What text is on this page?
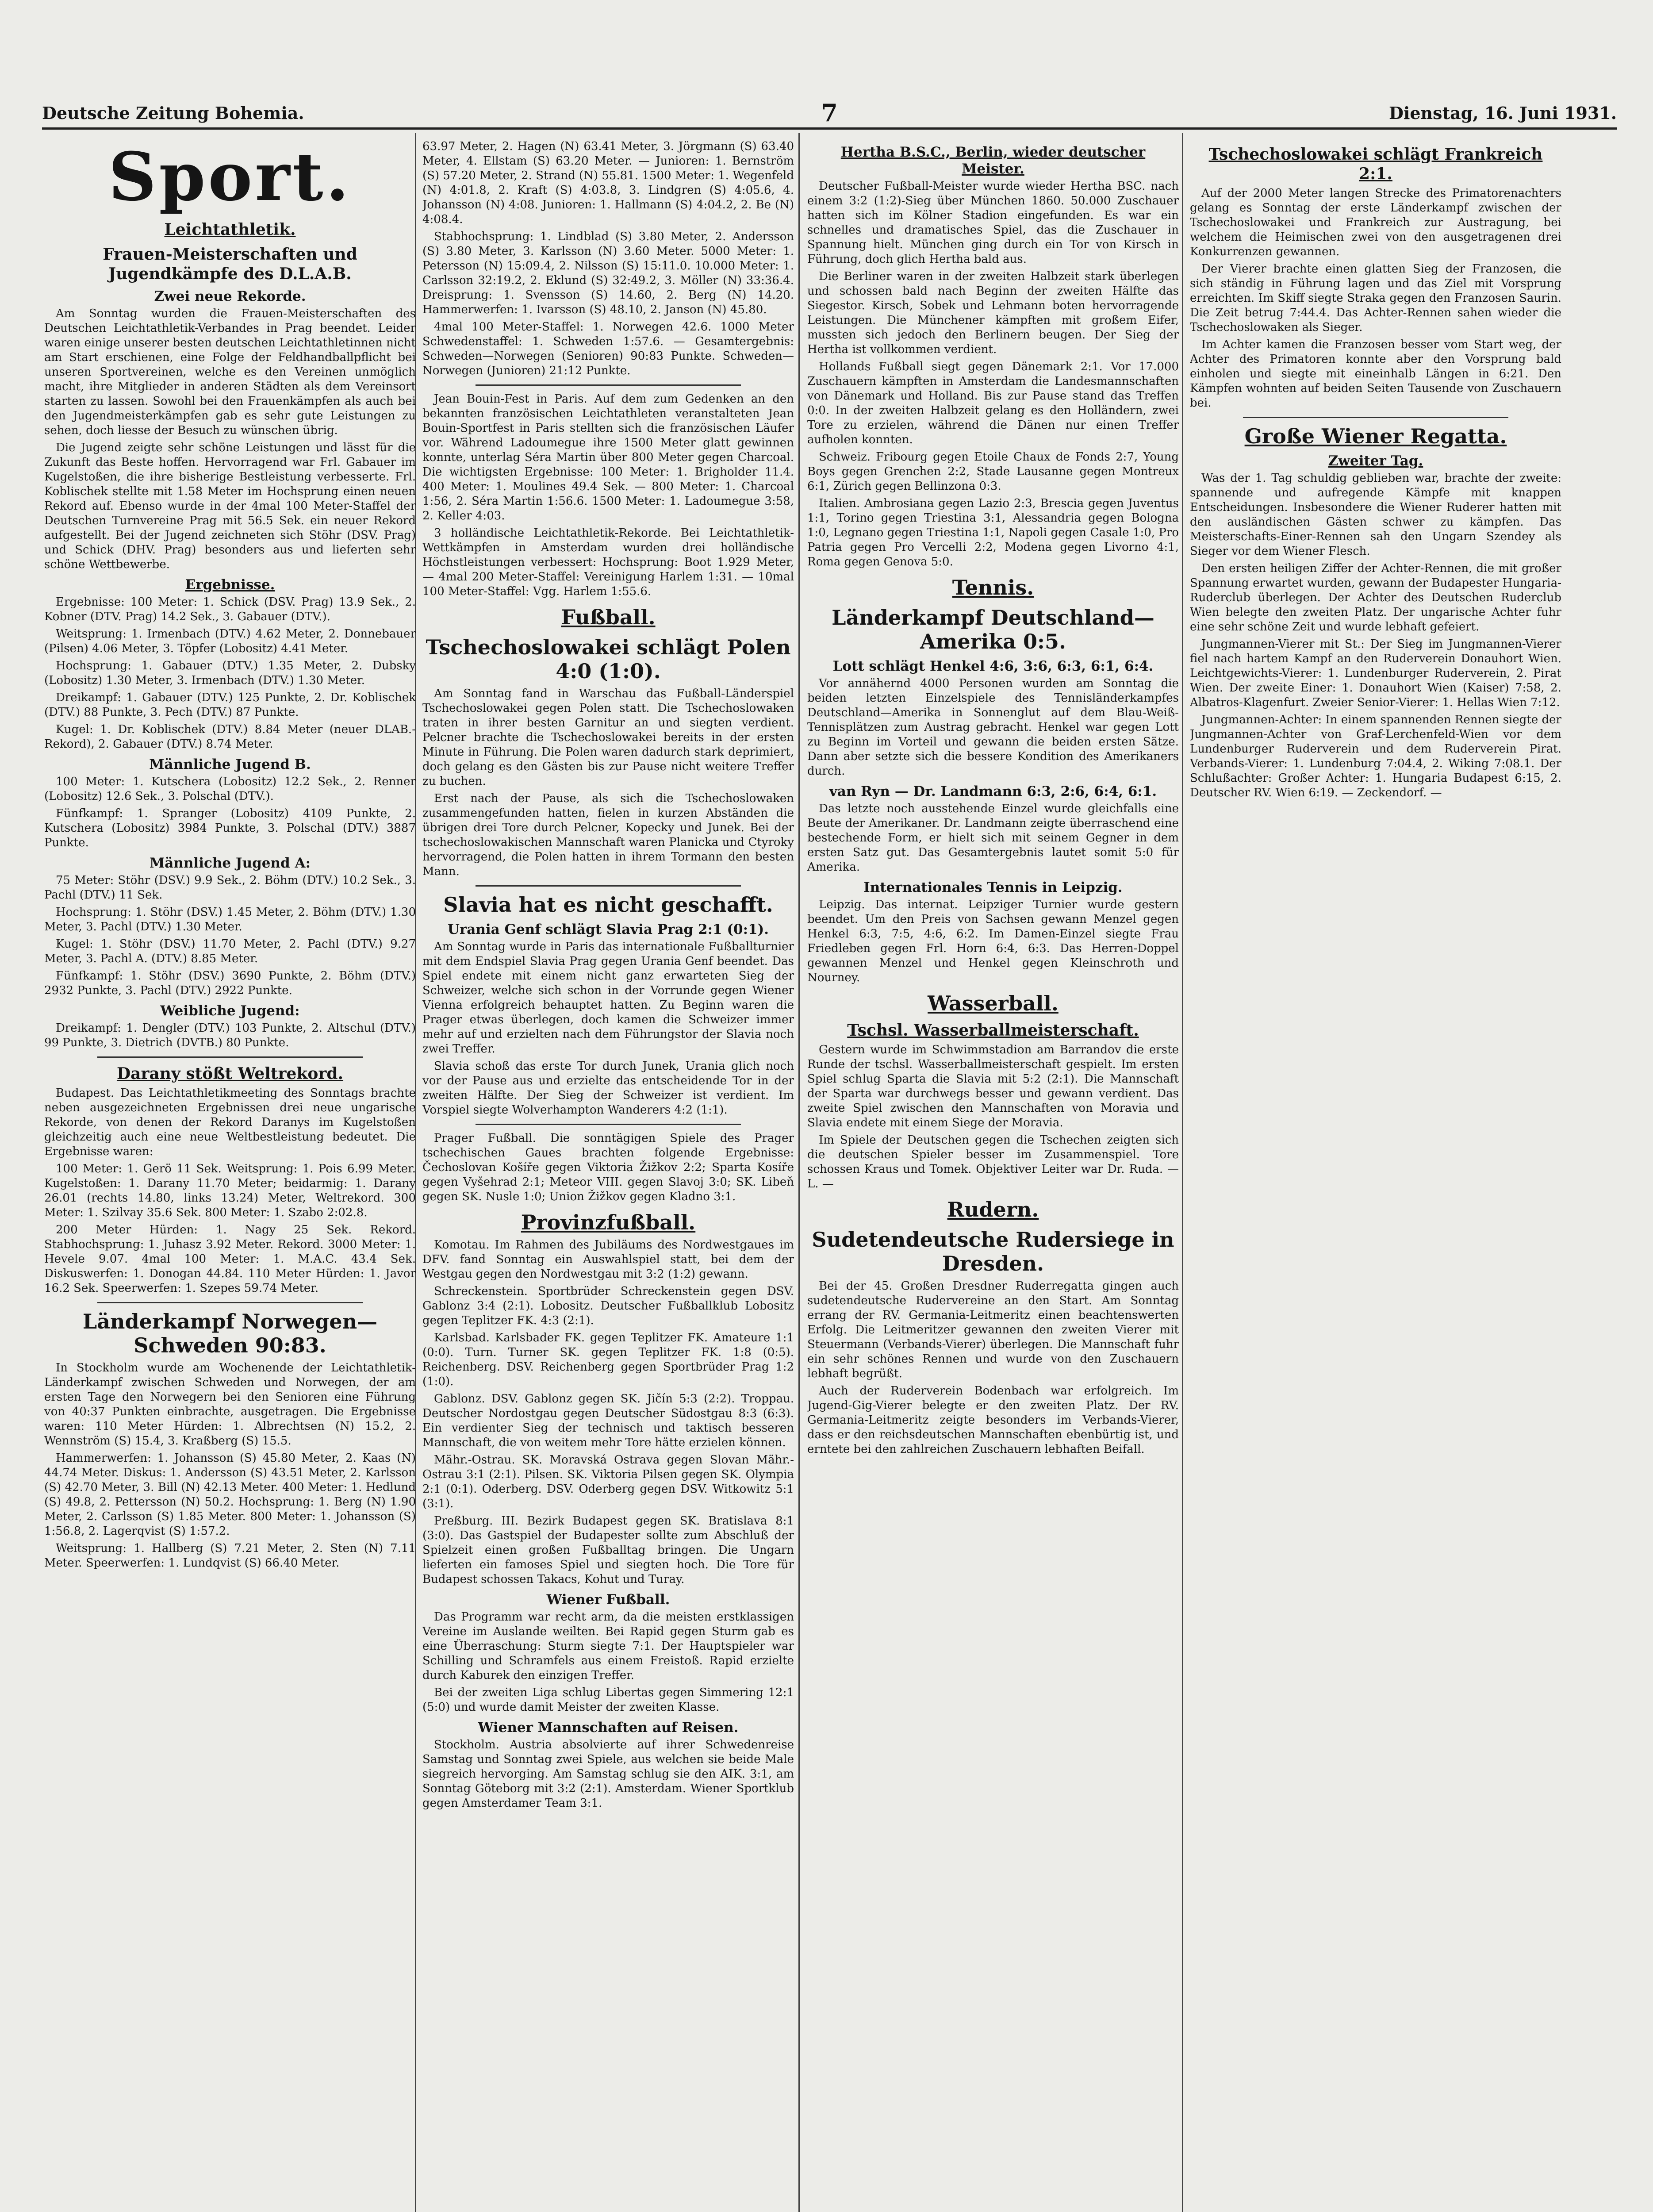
Deutsche Zeitung Bohemia.	7	Dienstag, 16. Juni 1931.
Sport.
Leichtathletik.
Frauen-Meisterschaften und Jugendkämpfe des D.L.A.B.
Zwei neue Rekorde.

Am Sonntag wurden die Frauen-Meisterschaften des Deutschen Leichtathletik-Verbandes in Prag beendet. Leider waren einige unserer besten deutschen Leichtathletinnen nicht am Start erschienen, eine Folge der Feldhandballpflicht bei unseren Sportvereinen, welche es den Vereinen unmöglich macht, ihre Mitglieder in anderen Städten als dem Vereinsort starten zu lassen. Sowohl bei den Frauenkämpfen als auch bei den Jugendmeisterkämpfen gab es sehr gute Leistungen zu sehen, doch liesse der Besuch zu wünschen übrig.

Die Jugend zeigte sehr schöne Leistungen und lässt für die Zukunft das Beste hoffen. Hervorragend war Frl. Gabauer im Kugelstoßen, die ihre bisherige Bestleistung verbesserte. Frl. Koblischek stellte mit 1.58 Meter im Hochsprung einen neuen Rekord auf. Ebenso wurde in der 4mal 100 Meter-Staffel der Deutschen Turnvereine Prag mit 56.5 Sek. ein neuer Rekord aufgestellt. Bei der Jugend zeichneten sich Stöhr (DSV. Prag) und Schick (DHV. Prag) besonders aus und lieferten sehr schöne Wettbewerbe.

Ergebnisse.

Ergebnisse: 100 Meter: 1. Schick (DSV. Prag) 13.9 Sek., 2. Kobner (DTV. Prag) 14.2 Sek., 3. Gabauer (DTV.).

Weitsprung: 1. Irmenbach (DTV.) 4.62 Meter, 2. Donnebauer (Pilsen) 4.06 Meter, 3. Töpfer (Lobositz) 4.41 Meter.

Hochsprung: 1. Gabauer (DTV.) 1.35 Meter, 2. Dubsky (Lobositz) 1.30 Meter, 3. Irmenbach (DTV.) 1.30 Meter.

Dreikampf: 1. Gabauer (DTV.) 125 Punkte, 2. Dr. Koblischek (DTV.) 88 Punkte, 3. Pech (DTV.) 87 Punkte.

Kugel: 1. Dr. Koblischek (DTV.) 8.84 Meter (neuer DLAB.-Rekord), 2. Gabauer (DTV.) 8.74 Meter.

Männliche Jugend B.

100 Meter: 1. Kutschera (Lobositz) 12.2 Sek., 2. Renner (Lobositz) 12.6 Sek., 3. Polschal (DTV.).

Fünfkampf: 1. Spranger (Lobositz) 4109 Punkte, 2. Kutschera (Lobositz) 3984 Punkte, 3. Polschal (DTV.) 3887 Punkte.

Männliche Jugend A:

75 Meter: Stöhr (DSV.) 9.9 Sek., 2. Böhm (DTV.) 10.2 Sek., 3. Pachl (DTV.) 11 Sek.

Hochsprung: 1. Stöhr (DSV.) 1.45 Meter, 2. Böhm (DTV.) 1.30 Meter, 3. Pachl (DTV.) 1.30 Meter.

Kugel: 1. Stöhr (DSV.) 11.70 Meter, 2. Pachl (DTV.) 9.27 Meter, 3. Pachl A. (DTV.) 8.85 Meter.

Fünfkampf: 1. Stöhr (DSV.) 3690 Punkte, 2. Böhm (DTV.) 2932 Punkte, 3. Pachl (DTV.) 2922 Punkte.

Weibliche Jugend:

Dreikampf: 1. Dengler (DTV.) 103 Punkte, 2. Altschul (DTV.) 99 Punkte, 3. Dietrich (DVTB.) 80 Punkte.

Darany stößt Weltrekord.

Budapest. Das Leichtathletikmeeting des Sonntags brachte neben ausgezeichneten Ergebnissen drei neue ungarische Rekorde, von denen der Rekord Daranys im Kugelstoßen gleichzeitig auch eine neue Weltbestleistung bedeutet. Die Ergebnisse waren:

100 Meter: 1. Gerö 11 Sek. Weitsprung: 1. Pois 6.99 Meter. Kugelstoßen: 1. Darany 11.70 Meter; beidarmig: 1. Darany 26.01 (rechts 14.80, links 13.24) Meter, Weltrekord. 300 Meter: 1. Szilvay 35.6 Sek. 800 Meter: 1. Szabo 2:02.8.

200 Meter Hürden: 1. Nagy 25 Sek. Rekord. Stabhochsprung: 1. Juhasz 3.92 Meter. Rekord. 3000 Meter: 1. Hevele 9.07. 4mal 100 Meter: 1. M.A.C. 43.4 Sek. Diskuswerfen: 1. Donogan 44.84. 110 Meter Hürden: 1. Javor 16.2 Sek. Speerwerfen: 1. Szepes 59.74 Meter.

Länderkampf Norwegen—Schweden 90:83.

In Stockholm wurde am Wochenende der Leichtathletik-Länderkampf zwischen Schweden und Norwegen, der am ersten Tage den Norwegern bei den Senioren eine Führung von 40:37 Punkten einbrachte, ausgetragen. Die Ergebnisse waren: 110 Meter Hürden: 1. Albrechtsen (N) 15.2, 2. Wennström (S) 15.4, 3. Kraßberg (S) 15.5.

Hammerwerfen: 1. Johansson (S) 45.80 Meter, 2. Kaas (N) 44.74 Meter. Diskus: 1. Andersson (S) 43.51 Meter, 2. Karlsson (S) 42.70 Meter, 3. Bill (N) 42.13 Meter. 400 Meter: 1. Hedlund (S) 49.8, 2. Pettersson (N) 50.2. Hochsprung: 1. Berg (N) 1.90 Meter, 2. Carlsson (S) 1.85 Meter. 800 Meter: 1. Johansson (S) 1:56.8, 2. Lagerqvist (S) 1:57.2.

Weitsprung: 1. Hallberg (S) 7.21 Meter, 2. Sten (N) 7.11 Meter. Speerwerfen: 1. Lundqvist (S) 66.40 Meter.

63.97 Meter, 2. Hagen (N) 63.41 Meter, 3. Jörgmann (S) 63.40 Meter, 4. Ellstam (S) 63.20 Meter. — Junioren: 1. Bernström (S) 57.20 Meter, 2. Strand (N) 55.81. 1500 Meter: 1. Wegenfeld (N) 4:01.8, 2. Kraft (S) 4:03.8, 3. Lindgren (S) 4:05.6, 4. Johansson (N) 4:08. Junioren: 1. Hallmann (S) 4:04.2, 2. Be (N) 4:08.4.

Stabhochsprung: 1. Lindblad (S) 3.80 Meter, 2. Andersson (S) 3.80 Meter, 3. Karlsson (N) 3.60 Meter. 5000 Meter: 1. Petersson (N) 15:09.4, 2. Nilsson (S) 15:11.0. 10.000 Meter: 1. Carlsson 32:19.2, 2. Eklund (S) 32:49.2, 3. Möller (N) 33:36.4. Dreisprung: 1. Svensson (S) 14.60, 2. Berg (N) 14.20. Hammerwerfen: 1. Ivarsson (S) 48.10, 2. Janson (N) 45.80.

4mal 100 Meter-Staffel: 1. Norwegen 42.6. 1000 Meter Schwedenstaffel: 1. Schweden 1:57.6. — Gesamtergebnis: Schweden—Norwegen (Senioren) 90:83 Punkte. Schweden—Norwegen (Junioren) 21:12 Punkte.

Jean Bouin-Fest in Paris. Auf dem zum Gedenken an den bekannten französischen Leichtathleten veranstalteten Jean Bouin-Sportfest in Paris stellten sich die französischen Läufer vor. Während Ladoumegue ihre 1500 Meter glatt gewinnen konnte, unterlag Séra Martin über 800 Meter gegen Charcoal. Die wichtigsten Ergebnisse: 100 Meter: 1. Brigholder 11.4. 400 Meter: 1. Moulines 49.4 Sek. — 800 Meter: 1. Charcoal 1:56, 2. Séra Martin 1:56.6. 1500 Meter: 1. Ladoumegue 3:58, 2. Keller 4:03.

3 holländische Leichtathletik-Rekorde. Bei Leichtathletik-Wettkämpfen in Amsterdam wurden drei holländische Höchstleistungen verbessert: Hochsprung: Boot 1.929 Meter, — 4mal 200 Meter-Staffel: Vereinigung Harlem 1:31. — 10mal 100 Meter-Staffel: Vgg. Harlem 1:55.6.

Fußball.
Tschechoslowakei schlägt Polen 4:0 (1:0).

Am Sonntag fand in Warschau das Fußball-Länderspiel Tschechoslowakei gegen Polen statt. Die Tschechoslowaken traten in ihrer besten Garnitur an und siegten verdient. Pelcner brachte die Tschechoslowakei bereits in der ersten Minute in Führung. Die Polen waren dadurch stark deprimiert, doch gelang es den Gästen bis zur Pause nicht weitere Treffer zu buchen.

Erst nach der Pause, als sich die Tschechoslowaken zusammengefunden hatten, fielen in kurzen Abständen die übrigen drei Tore durch Pelcner, Kopecky und Junek. Bei der tschechoslowakischen Mannschaft waren Planicka und Ctyroky hervorragend, die Polen hatten in ihrem Tormann den besten Mann.

Slavia hat es nicht geschafft.
Urania Genf schlägt Slavia Prag 2:1 (0:1).

Am Sonntag wurde in Paris das internationale Fußballturnier mit dem Endspiel Slavia Prag gegen Urania Genf beendet. Das Spiel endete mit einem nicht ganz erwarteten Sieg der Schweizer, welche sich schon in der Vorrunde gegen Wiener Vienna erfolgreich behauptet hatten. Zu Beginn waren die Prager etwas überlegen, doch kamen die Schweizer immer mehr auf und erzielten nach dem Führungstor der Slavia noch zwei Treffer.

Slavia schoß das erste Tor durch Junek, Urania glich noch vor der Pause aus und erzielte das entscheidende Tor in der zweiten Hälfte. Der Sieg der Schweizer ist verdient. Im Vorspiel siegte Wolverhampton Wanderers 4:2 (1:1).

Prager Fußball. Die sonntägigen Spiele des Prager tschechischen Gaues brachten folgende Ergebnisse: Čechoslovan Košíře gegen Viktoria Žižkov 2:2; Sparta Kosíře gegen Vyšehrad 2:1; Meteor VIII. gegen Slavoj 3:0; SK. Libeň gegen SK. Nusle 1:0; Union Žižkov gegen Kladno 3:1.

Provinzfußball.

Komotau. Im Rahmen des Jubiläums des Nordwestgaues im DFV. fand Sonntag ein Auswahlspiel statt, bei dem der Westgau gegen den Nordwestgau mit 3:2 (1:2) gewann.

Schreckenstein. Sportbrüder Schreckenstein gegen DSV. Gablonz 3:4 (2:1). Lobositz. Deutscher Fußballklub Lobositz gegen Teplitzer FK. 4:3 (2:1).

Karlsbad. Karlsbader FK. gegen Teplitzer FK. Amateure 1:1 (0:0). Turn. Turner SK. gegen Teplitzer FK. 1:8 (0:5). Reichenberg. DSV. Reichenberg gegen Sportbrüder Prag 1:2 (1:0).

Gablonz. DSV. Gablonz gegen SK. Jičín 5:3 (2:2). Troppau. Deutscher Nordostgau gegen Deutscher Südostgau 8:3 (6:3). Ein verdienter Sieg der technisch und taktisch besseren Mannschaft, die von weitem mehr Tore hätte erzielen können.

Mähr.-Ostrau. SK. Moravská Ostrava gegen Slovan Mähr.-Ostrau 3:1 (2:1). Pilsen. SK. Viktoria Pilsen gegen SK. Olympia 2:1 (0:1). Oderberg. DSV. Oderberg gegen DSV. Witkowitz 5:1 (3:1).

Preßburg. III. Bezirk Budapest gegen SK. Bratislava 8:1 (3:0). Das Gastspiel der Budapester sollte zum Abschluß der Spielzeit einen großen Fußballtag bringen. Die Ungarn lieferten ein famoses Spiel und siegten hoch. Die Tore für Budapest schossen Takacs, Kohut und Turay.

Wiener Fußball.

Das Programm war recht arm, da die meisten erstklassigen Vereine im Auslande weilten. Bei Rapid gegen Sturm gab es eine Überraschung: Sturm siegte 7:1. Der Hauptspieler war Schilling und Schramfels aus einem Freistoß. Rapid erzielte durch Kaburek den einzigen Treffer.

Bei der zweiten Liga schlug Libertas gegen Simmering 12:1 (5:0) und wurde damit Meister der zweiten Klasse.

Wiener Mannschaften auf Reisen.

Stockholm. Austria absolvierte auf ihrer Schwedenreise Samstag und Sonntag zwei Spiele, aus welchen sie beide Male siegreich hervorging. Am Samstag schlug sie den AIK. 3:1, am Sonntag Göteborg mit 3:2 (2:1). Amsterdam. Wiener Sportklub gegen Amsterdamer Team 3:1.

Hertha B.S.C., Berlin, wieder deutscher Meister.

Deutscher Fußball-Meister wurde wieder Hertha BSC. nach einem 3:2 (1:2)-Sieg über München 1860. 50.000 Zuschauer hatten sich im Kölner Stadion eingefunden. Es war ein schnelles und dramatisches Spiel, das die Zuschauer in Spannung hielt. München ging durch ein Tor von Kirsch in Führung, doch glich Hertha bald aus.

Die Berliner waren in der zweiten Halbzeit stark überlegen und schossen bald nach Beginn der zweiten Hälfte das Siegestor. Kirsch, Sobek und Lehmann boten hervorragende Leistungen. Die Münchener kämpften mit großem Eifer, mussten sich jedoch den Berlinern beugen. Der Sieg der Hertha ist vollkommen verdient.

Hollands Fußball siegt gegen Dänemark 2:1. Vor 17.000 Zuschauern kämpften in Amsterdam die Landesmannschaften von Dänemark und Holland. Bis zur Pause stand das Treffen 0:0. In der zweiten Halbzeit gelang es den Holländern, zwei Tore zu erzielen, während die Dänen nur einen Treffer aufholen konnten.

Schweiz. Fribourg gegen Etoile Chaux de Fonds 2:7, Young Boys gegen Grenchen 2:2, Stade Lausanne gegen Montreux 6:1, Zürich gegen Bellinzona 0:3.

Italien. Ambrosiana gegen Lazio 2:3, Brescia gegen Juventus 1:1, Torino gegen Triestina 3:1, Alessandria gegen Bologna 1:0, Legnano gegen Triestina 1:1, Napoli gegen Casale 1:0, Pro Patria gegen Pro Vercelli 2:2, Modena gegen Livorno 4:1, Roma gegen Genova 5:0.

Tennis.
Länderkampf Deutschland—Amerika 0:5.
Lott schlägt Henkel 4:6, 3:6, 6:3, 6:1, 6:4.

Vor annähernd 4000 Personen wurden am Sonntag die beiden letzten Einzelspiele des Tennisländerkampfes Deutschland—Amerika in Sonnenglut auf dem Blau-Weiß-Tennisplätzen zum Austrag gebracht. Henkel war gegen Lott zu Beginn im Vorteil und gewann die beiden ersten Sätze. Dann aber setzte sich die bessere Kondition des Amerikaners durch.

van Ryn — Dr. Landmann 6:3, 2:6, 6:4, 6:1.

Das letzte noch ausstehende Einzel wurde gleichfalls eine Beute der Amerikaner. Dr. Landmann zeigte überraschend eine bestechende Form, er hielt sich mit seinem Gegner in dem ersten Satz gut. Das Gesamtergebnis lautet somit 5:0 für Amerika.

Internationales Tennis in Leipzig.

Leipzig. Das internat. Leipziger Turnier wurde gestern beendet. Um den Preis von Sachsen gewann Menzel gegen Henkel 6:3, 7:5, 4:6, 6:2. Im Damen-Einzel siegte Frau Friedleben gegen Frl. Horn 6:4, 6:3. Das Herren-Doppel gewannen Menzel und Henkel gegen Kleinschroth und Nourney.

Wasserball.
Tschsl. Wasserballmeisterschaft.

Gestern wurde im Schwimmstadion am Barrandov die erste Runde der tschsl. Wasserballmeisterschaft gespielt. Im ersten Spiel schlug Sparta die Slavia mit 5:2 (2:1). Die Mannschaft der Sparta war durchwegs besser und gewann verdient. Das zweite Spiel zwischen den Mannschaften von Moravia und Slavia endete mit einem Siege der Moravia.

Im Spiele der Deutschen gegen die Tschechen zeigten sich die deutschen Spieler besser im Zusammenspiel. Tore schossen Kraus und Tomek. Objektiver Leiter war Dr. Ruda. — L. —

Rudern.
Sudetendeutsche Rudersiege in Dresden.

Bei der 45. Großen Dresdner Ruderregatta gingen auch sudetendeutsche Rudervereine an den Start. Am Sonntag errang der RV. Germania-Leitmeritz einen beachtenswerten Erfolg. Die Leitmeritzer gewannen den zweiten Vierer mit Steuermann (Verbands-Vierer) überlegen. Die Mannschaft fuhr ein sehr schönes Rennen und wurde von den Zuschauern lebhaft begrüßt.

Auch der Ruderverein Bodenbach war erfolgreich. Im Jugend-Gig-Vierer belegte er den zweiten Platz. Der RV. Germania-Leitmeritz zeigte besonders im Verbands-Vierer, dass er den reichsdeutschen Mannschaften ebenbürtig ist, und erntete bei den zahlreichen Zuschauern lebhaften Beifall.

Tschechoslowakei schlägt Frankreich 2:1.

Auf der 2000 Meter langen Strecke des Primatorenachters gelang es Sonntag der erste Länderkampf zwischen der Tschechoslowakei und Frankreich zur Austragung, bei welchem die Heimischen zwei von den ausgetragenen drei Konkurrenzen gewannen.

Der Vierer brachte einen glatten Sieg der Franzosen, die sich ständig in Führung lagen und das Ziel mit Vorsprung erreichten. Im Skiff siegte Straka gegen den Franzosen Saurin. Die Zeit betrug 7:44.4. Das Achter-Rennen sahen wieder die Tschechoslowaken als Sieger.

Im Achter kamen die Franzosen besser vom Start weg, der Achter des Primatoren konnte aber den Vorsprung bald einholen und siegte mit eineinhalb Längen in 6:21. Den Kämpfen wohnten auf beiden Seiten Tausende von Zuschauern bei.

Große Wiener Regatta.
Zweiter Tag.

Was der 1. Tag schuldig geblieben war, brachte der zweite: spannende und aufregende Kämpfe mit knappen Entscheidungen. Insbesondere die Wiener Ruderer hatten mit den ausländischen Gästen schwer zu kämpfen. Das Meisterschafts-Einer-Rennen sah den Ungarn Szendey als Sieger vor dem Wiener Flesch.

Den ersten heiligen Ziffer der Achter-Rennen, die mit großer Spannung erwartet wurden, gewann der Budapester Hungaria-Ruderclub überlegen. Der Achter des Deutschen Ruderclub Wien belegte den zweiten Platz. Der ungarische Achter fuhr eine sehr schöne Zeit und wurde lebhaft gefeiert.

Jungmannen-Vierer mit St.: Der Sieg im Jungmannen-Vierer fiel nach hartem Kampf an den Ruderverein Donauhort Wien. Leichtgewichts-Vierer: 1. Lundenburger Ruderverein, 2. Pirat Wien. Der zweite Einer: 1. Donauhort Wien (Kaiser) 7:58, 2. Albatros-Klagenfurt. Zweier Senior-Vierer: 1. Hellas Wien 7:12.

Jungmannen-Achter: In einem spannenden Rennen siegte der Jungmannen-Achter von Graf-Lerchenfeld-Wien vor dem Lundenburger Ruderverein und dem Ruderverein Pirat. Verbands-Vierer: 1. Lundenburg 7:04.4, 2. Wiking 7:08.1. Der Schlußachter: Großer Achter: 1. Hungaria Budapest 6:15, 2. Deutscher RV. Wien 6:19. — Zeckendorf. —
